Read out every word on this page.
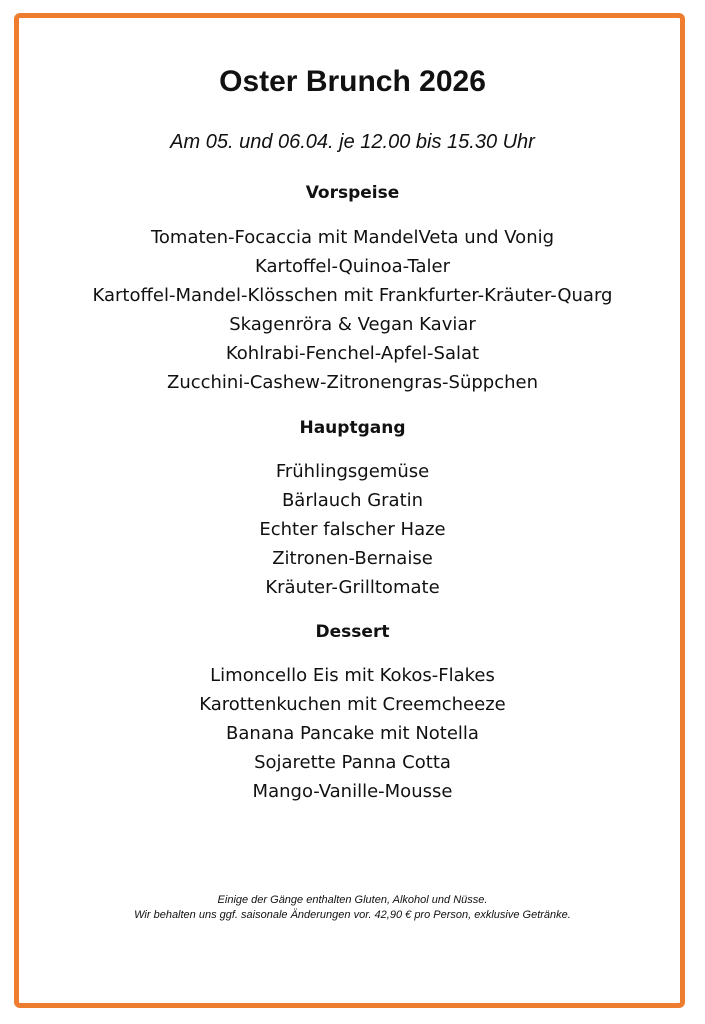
Oster Brunch 2026

Am 05. und 06.04. je 12.00 bis 15.30 Uhr

Vorspeise
Tomaten-Focaccia mit MandelVeta und Vonig
Kartoffel-Quinoa-Taler
Kartoffel-Mandel-Klösschen mit Frankfurter-Kräuter-Quarg
Skagenröra & Vegan Kaviar
Kohlrabi-Fenchel-Apfel-Salat
Zucchini-Cashew-Zitronengras-Süppchen
Hauptgang
Frühlingsgemüse
Bärlauch Gratin
Echter falscher Haze
Zitronen-Bernaise
Kräuter-Grilltomate
Dessert
Limoncello Eis mit Kokos-Flakes
Karottenkuchen mit Creemcheeze
Banana Pancake mit Notella
Sojarette Panna Cotta
Mango-Vanille-Mousse
Einige der Gänge enthalten Gluten, Alkohol und Nüsse.
Wir behalten uns ggf. saisonale Änderungen vor. 42,90 € pro Person, exklusive Getränke.
